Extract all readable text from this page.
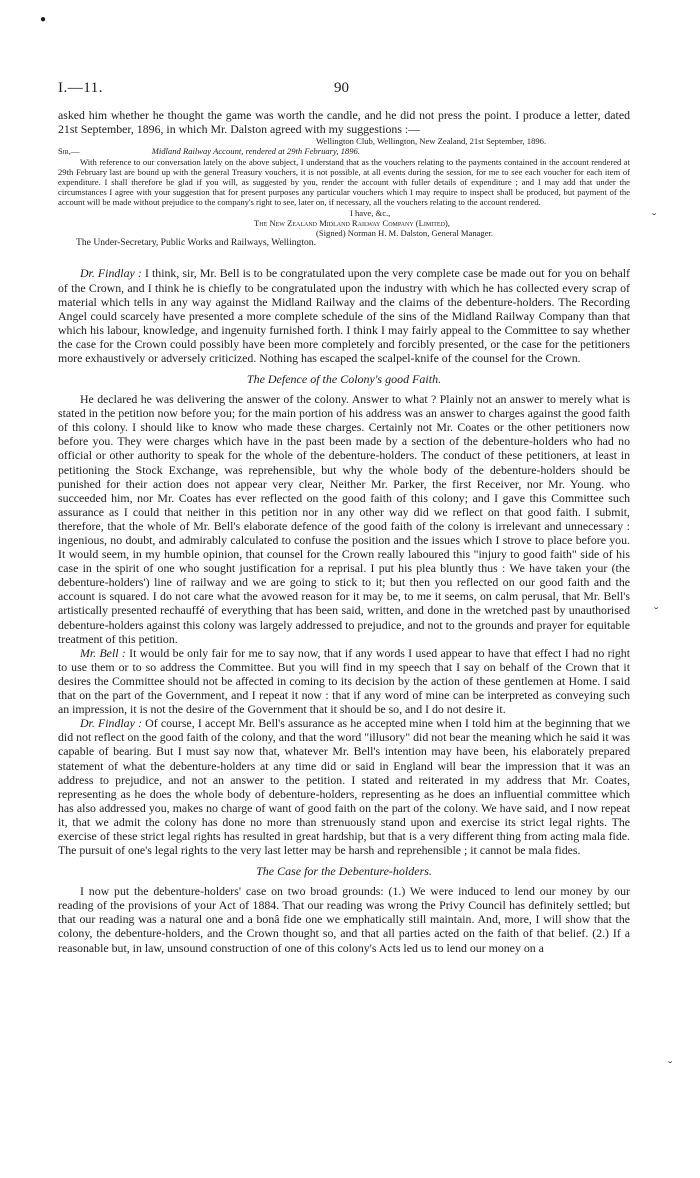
●
I.—11.	90

asked him whether he thought the game was worth the candle, and he did not press the point. I produce a letter, dated 21st September, 1896, in which Mr. Dalston agreed with my suggestions :—

Wellington Club, Wellington, New Zealand, 21st September, 1896.

Sir,—	Midland Railway Account, rendered at 29th February, 1896.

With reference to our conversation lately on the above subject, I understand that as the vouchers relating to the payments contained in the account rendered at 29th February last are bound up with the general Treasury vouchers, it is not possible, at all events during the session, for me to see each voucher for each item of expenditure. I shall therefore be glad if you will, as suggested by you, render the account with fuller details of expenditure ; and I may add that under the circumstances I agree with your suggestion that for present purposes any particular vouchers which I may require to inspect shall be produced, but payment of the account will be made without prejudice to the company's right to see, later on, if necessary, all the vouchers relating to the account rendered.

I have, &c.,

The New Zealand Midland Railway Company (Limited),

(Signed) Norman H. M. Dalston, General Manager.

The Under-Secretary, Public Works and Railways, Wellington.

Dr. Findlay : I think, sir, Mr. Bell is to be congratulated upon the very complete case be made out for you on behalf of the Crown, and I think he is chiefly to be congratulated upon the industry with which he has collected every scrap of material which tells in any way against the Midland Railway and the claims of the debenture-holders. The Recording Angel could scarcely have presented a more complete schedule of the sins of the Midland Railway Company than that which his labour, knowledge, and ingenuity furnished forth. I think I may fairly appeal to the Committee to say whether the case for the Crown could possibly have been more completely and forcibly presented, or the case for the petitioners more exhaustively or adversely criticized. Nothing has escaped the scalpel-knife of the counsel for the Crown.

The Defence of the Colony's good Faith.

He declared he was delivering the answer of the colony. Answer to what ? Plainly not an answer to merely what is stated in the petition now before you; for the main portion of his address was an answer to charges against the good faith of this colony. I should like to know who made these charges. Certainly not Mr. Coates or the other petitioners now before you. They were charges which have in the past been made by a section of the debenture-holders who had no official or other authority to speak for the whole of the debenture-holders. The conduct of these petitioners, at least in petitioning the Stock Exchange, was reprehensible, but why the whole body of the debenture-holders should be punished for their action does not appear very clear, Neither Mr. Parker, the first Receiver, nor Mr. Young. who succeeded him, nor Mr. Coates has ever reflected on the good faith of this colony; and I gave this Committee such assurance as I could that neither in this petition nor in any other way did we reflect on that good faith. I submit, therefore, that the whole of Mr. Bell's elaborate defence of the good faith of the colony is irrelevant and unnecessary : ingenious, no doubt, and admirably calculated to confuse the position and the issues which I strove to place before you. It would seem, in my humble opinion, that counsel for the Crown really laboured this "injury to good faith" side of his case in the spirit of one who sought justification for a reprisal. I put his plea bluntly thus : We have taken your (the debenture-holders') line of railway and we are going to stick to it; but then you reflected on our good faith and the account is squared. I do not care what the avowed reason for it may be, to me it seems, on calm perusal, that Mr. Bell's artistically presented rechauffé of everything that has been said, written, and done in the wretched past by unauthorised debenture-holders against this colony was largely addressed to prejudice, and not to the grounds and prayer for equitable treatment of this petition.

Mr. Bell : It would be only fair for me to say now, that if any words I used appear to have that effect I had no right to use them or to so address the Committee. But you will find in my speech that I say on behalf of the Crown that it desires the Committee should not be affected in coming to its decision by the action of these gentlemen at Home. I said that on the part of the Government, and I repeat it now : that if any word of mine can be interpreted as conveying such an impression, it is not the desire of the Government that it should be so, and I do not desire it.

Dr. Findlay : Of course, I accept Mr. Bell's assurance as he accepted mine when I told him at the beginning that we did not reflect on the good faith of the colony, and that the word "illusory" did not bear the meaning which he said it was capable of bearing. But I must say now that, whatever Mr. Bell's intention may have been, his elaborately prepared statement of what the debenture-holders at any time did or said in England will bear the impression that it was an address to prejudice, and not an answer to the petition. I stated and reiterated in my address that Mr. Coates, representing as he does the whole body of debenture-holders, representing as he does an influential committee which has also addressed you, makes no charge of want of good faith on the part of the colony. We have said, and I now repeat it, that we admit the colony has done no more than strenuously stand upon and exercise its strict legal rights. The exercise of these strict legal rights has resulted in great hardship, but that is a very different thing from acting mala fide. The pursuit of one's legal rights to the very last letter may be harsh and reprehensible ; it cannot be mala fides.

The Case for the Debenture-holders.

I now put the debenture-holders' case on two broad grounds: (1.) We were induced to lend our money by our reading of the provisions of your Act of 1884. That our reading was wrong the Privy Council has definitely settled; but that our reading was a natural one and a bonâ fide one we emphatically still maintain. And, more, I will show that the colony, the debenture-holders, and the Crown thought so, and that all parties acted on the faith of that belief. (2.) If a reasonable but, in law, unsound construction of one of this colony's Acts led us to lend our money on a

ˇ
ˇ
ˇ
